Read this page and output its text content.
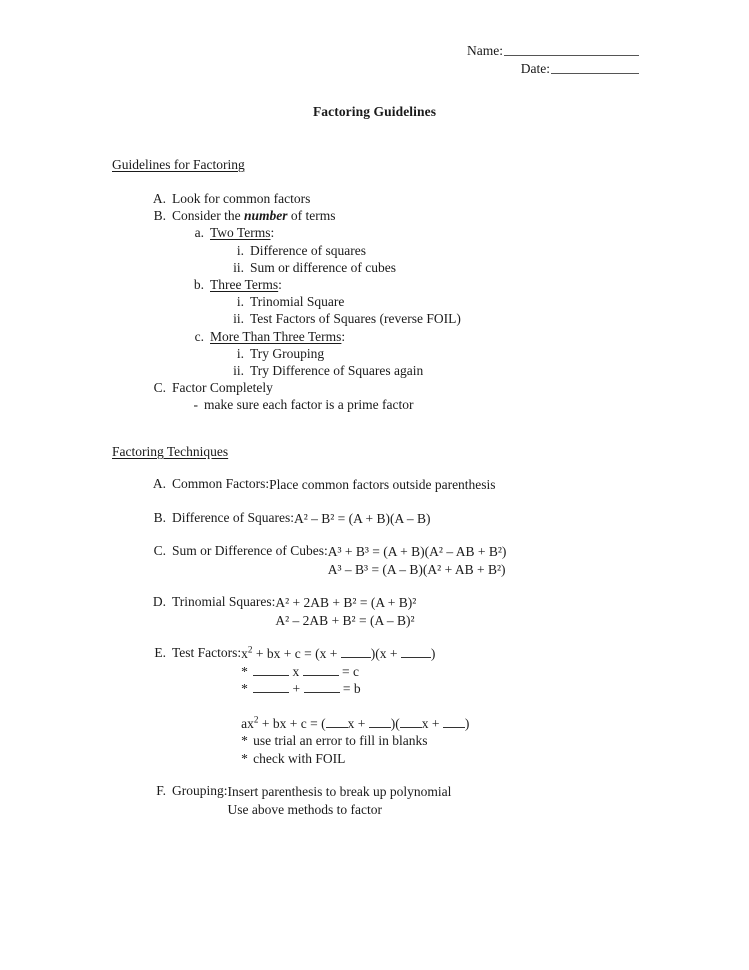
Name:
Date:
Factoring Guidelines
Guidelines for Factoring
A. Look for common factors
B. Consider the number of terms
a. Two Terms:
i. Difference of squares
ii. Sum or difference of cubes
b. Three Terms:
i. Trinomial Square
ii. Test Factors of Squares (reverse FOIL)
c. More Than Three Terms:
i. Try Grouping
ii. Try Difference of Squares again
C. Factor Completely
- make sure each factor is a prime factor
Factoring Techniques
A. Common Factors: Place common factors outside parenthesis
B. Difference of Squares: A² – B² = (A + B)(A – B)
C. Sum or Difference of Cubes: A³ + B³ = (A + B)(A² – AB + B²)
A³ – B³ = (A – B)(A² + AB + B²)
D. Trinomial Squares: A² + 2AB + B² = (A + B)²
A² – 2AB + B² = (A – B)²
E. Test Factors: $x^2$ + bx + c = (x + )(x + )
*	x	= c
*	+	= b
$ax^2$ + bx + c = ( x + )( x + )
* use trial an error to fill in blanks
* check with FOIL
F. Grouping: Insert parenthesis to break up polynomial
Use above methods to factor
